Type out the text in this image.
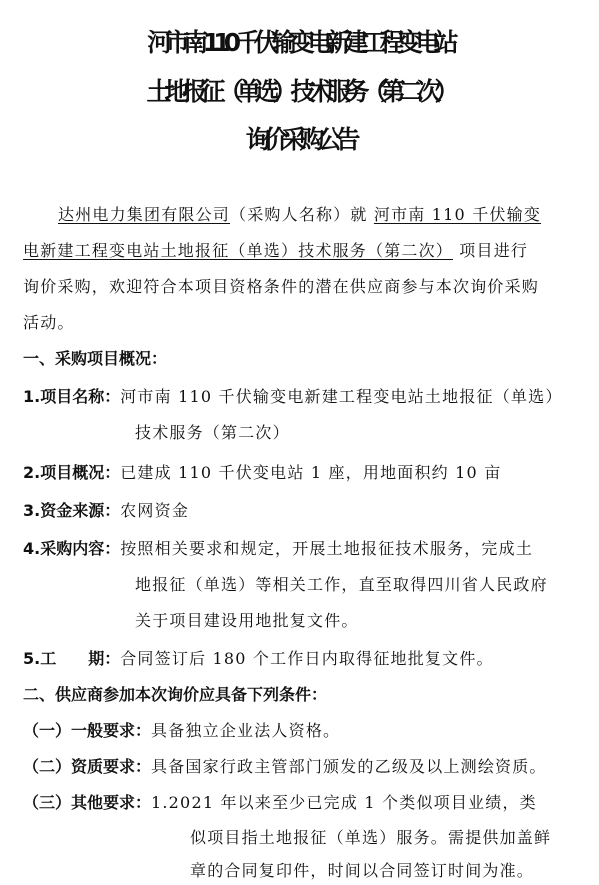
河市南 110 千伏输变电新建工程变电站
土地报征（单选）技术服务（第二次）
询价采购公告
达州电力集团有限公司（采购人名称）就 河市南 110 千伏输变
电新建工程变电站土地报征（单选）技术服务（第二次） 项目进行
询价采购，欢迎符合本项目资格条件的潜在供应商参与本次询价采购
活动。
一、采购项目概况：
1.项目名称：河市南 110 千伏输变电新建工程变电站土地报征（单选）
技术服务（第二次）
2.项目概况：已建成 110 千伏变电站 1 座，用地面积约 10 亩
3.资金来源：农网资金
4.采购内容：按照相关要求和规定，开展土地报征技术服务，完成土
地报征（单选）等相关工作，直至取得四川省人民政府
关于项目建设用地批复文件。
5.工　　期：合同签订后 180 个工作日内取得征地批复文件。
二、供应商参加本次询价应具备下列条件：
（一）一般要求：具备独立企业法人资格。
（二）资质要求：具备国家行政主管部门颁发的乙级及以上测绘资质。
（三）其他要求：1.2021 年以来至少已完成 1 个类似项目业绩，类
似项目指土地报征（单选）服务。需提供加盖鲜
章的合同复印件，时间以合同签订时间为准。
